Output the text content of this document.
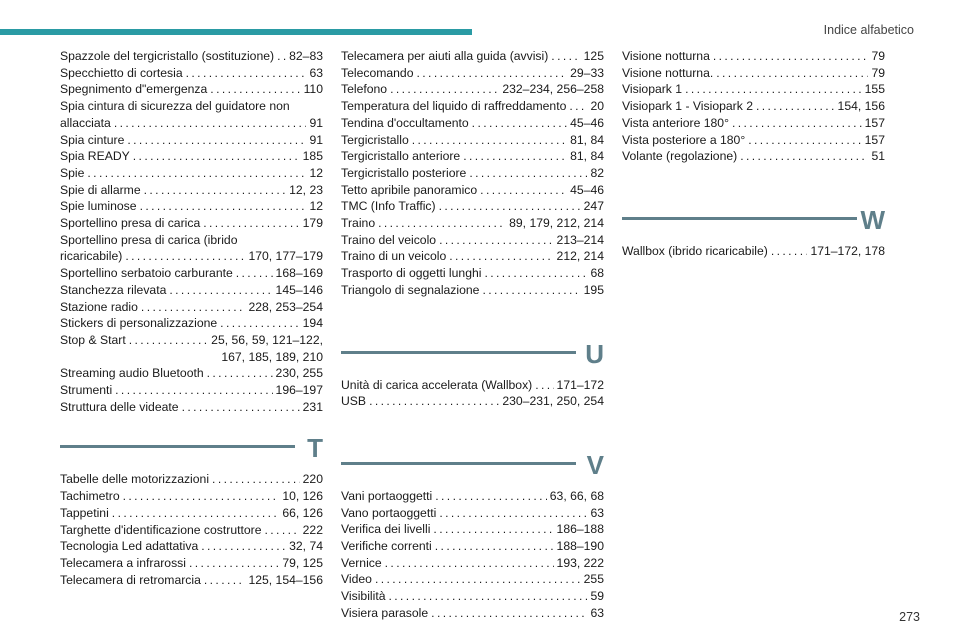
Indice alfabetico
Spazzole del tergicristallo (sostituzione) . . . 82–83
Specchietto di cortesia . . .	63
Spegnimento d"emergenza . . .	110
Spia cintura di sicurezza del guidatore non
allacciata . . .	91
Spia cinture . . .	91
Spia READY . . .	185
Spie . . .	12
Spie di allarme . . .	12, 23
Spie luminose . . .	12
Sportellino presa di carica . . .	179
Sportellino presa di carica (ibrido
ricaricabile) . . .	170, 177–179
Sportellino serbatoio carburante . . .	168–169
Stanchezza rilevata . . .	145–146
Stazione radio . . .	228, 253–254
Stickers di personalizzazione . . .	194
Stop & Start . . .	25, 56, 59, 121–122,
167, 185, 189, 210
Streaming audio Bluetooth . . .	230, 255
Strumenti . . .	196–197
Struttura delle videate . . .	231
T
Tabelle delle motorizzazioni . . .	220
Tachimetro . . .	10, 126
Tappetini . . .	66, 126
Targhette d'identificazione costruttore . . .	222
Tecnologia Led adattativa . . .	32, 74
Telecamera a infrarossi . . .	79, 125
Telecamera di retromarcia . . .	125, 154–156
Telecamera per aiuti alla guida (avvisi) . . .	125
Telecomando . . .	29–33
Telefono . . .	232–234, 256–258
Temperatura del liquido di raffreddamento . . . 20
Tendina d'occultamento . . .	45–46
Tergicristallo . . .	81, 84
Tergicristallo anteriore . . .	81, 84
Tergicristallo posteriore . . .	82
Tetto apribile panoramico . . .	45–46
TMC (Info Traffic) . . .	247
Traino . . .	89, 179, 212, 214
Traino del veicolo . . .	213–214
Traino di un veicolo . . .	212, 214
Trasporto di oggetti lunghi . . .	68
Triangolo di segnalazione . . .	195
U
Unità di carica accelerata (Wallbox) . . . 171–172
USB . . .	230–231, 250, 254
V
Vani portaoggetti . . .	63, 66, 68
Vano portaoggetti . . .	63
Verifica dei livelli . . .	186–188
Verifiche correnti . . .	188–190
Vernice . . .	193, 222
Video . . .	255
Visibilità . . .	59
Visiera parasole . . .	63
Visione notturna . . .	79
Visione notturna. . . .	79
Visiopark 1 . . .	155
Visiopark 1 - Visiopark 2 . . .	154, 156
Vista anteriore 180° . . .	157
Vista posteriore a 180° . . .	157
Volante (regolazione) . . .	51
W
Wallbox (ibrido ricaricabile) . . .	171–172, 178
273
